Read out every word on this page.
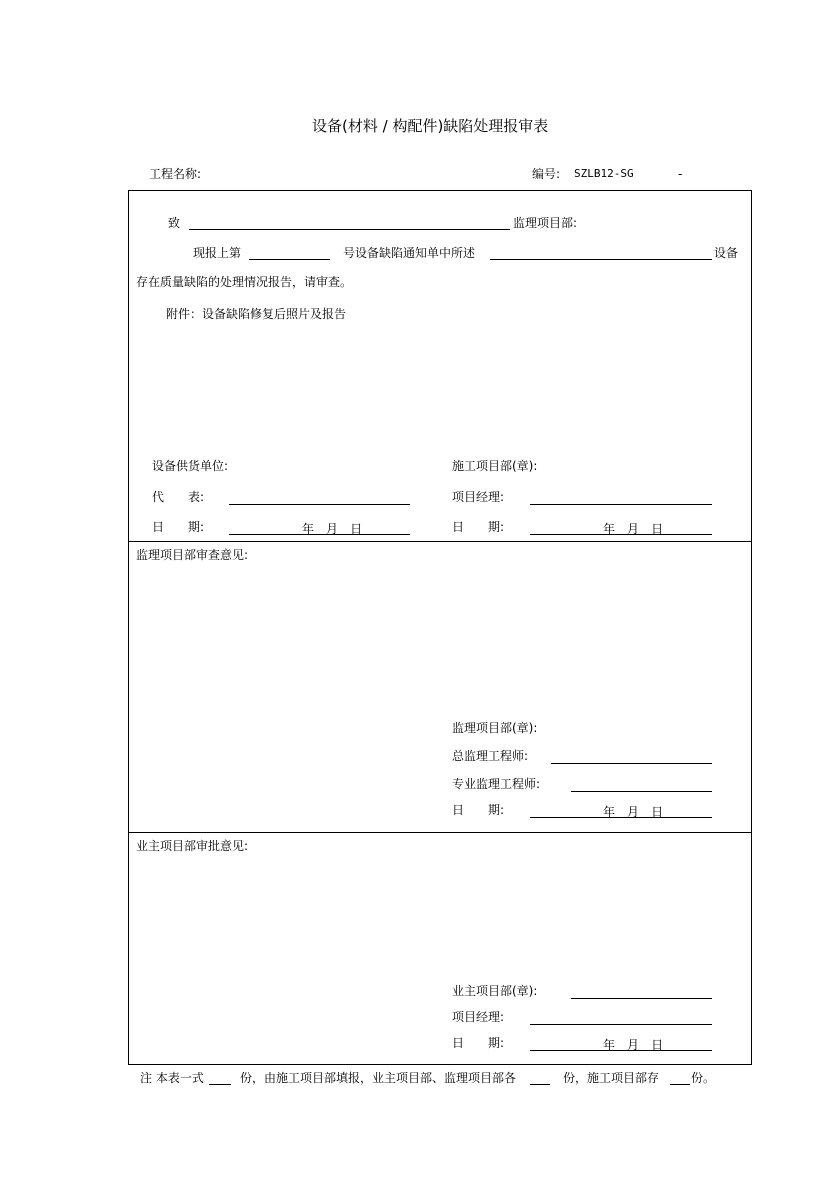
设备(材料 / 构配件)缺陷处理报审表
工程名称:	编号: SZLB12-SG	-
致	监理项目部:
现报上第	号设备缺陷通知单中所述	设备
存在质量缺陷的处理情况报告，请审查。
附件：设备缺陷修复后照片及报告
设备供货单位:
代　　表:
日　　期:	年　 月　 日
施工项目部(章):
项目经理:
日　　期:	年　 月　 日
监理项目部审查意见:
监理项目部(章):
总监理工程师:
专业监理工程师:
日　　期:	年　 月　 日
业主项目部审批意见:
业主项目部(章):
项目经理:
日　　期:	年　 月　 日
注 本表一式	份，由施工项目部填报，业主项目部、监理项目部各	份，施工项目部存	份。
